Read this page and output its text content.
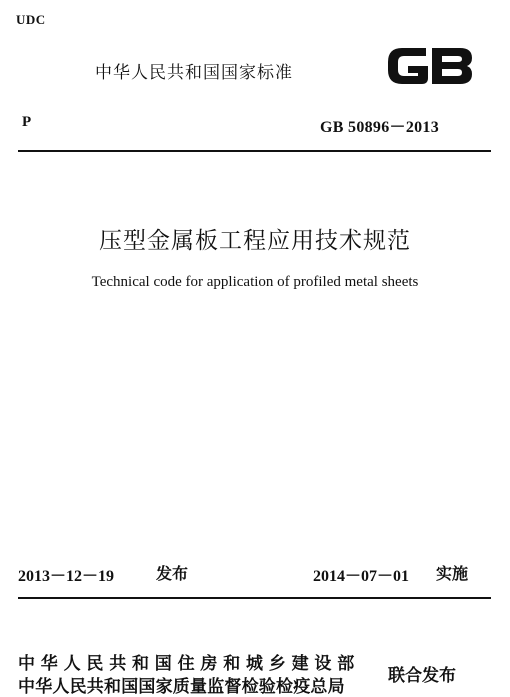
UDC
中华人民共和国国家标准
P	GB 50896－2013
压型金属板工程应用技术规范
Technical code for application of profiled metal sheets
2013－12－19	发布	2014－07－01 实施
中华人民共和国住房和城乡建设部
中华人民共和国国家质量监督检验检疫总局
联合发布
